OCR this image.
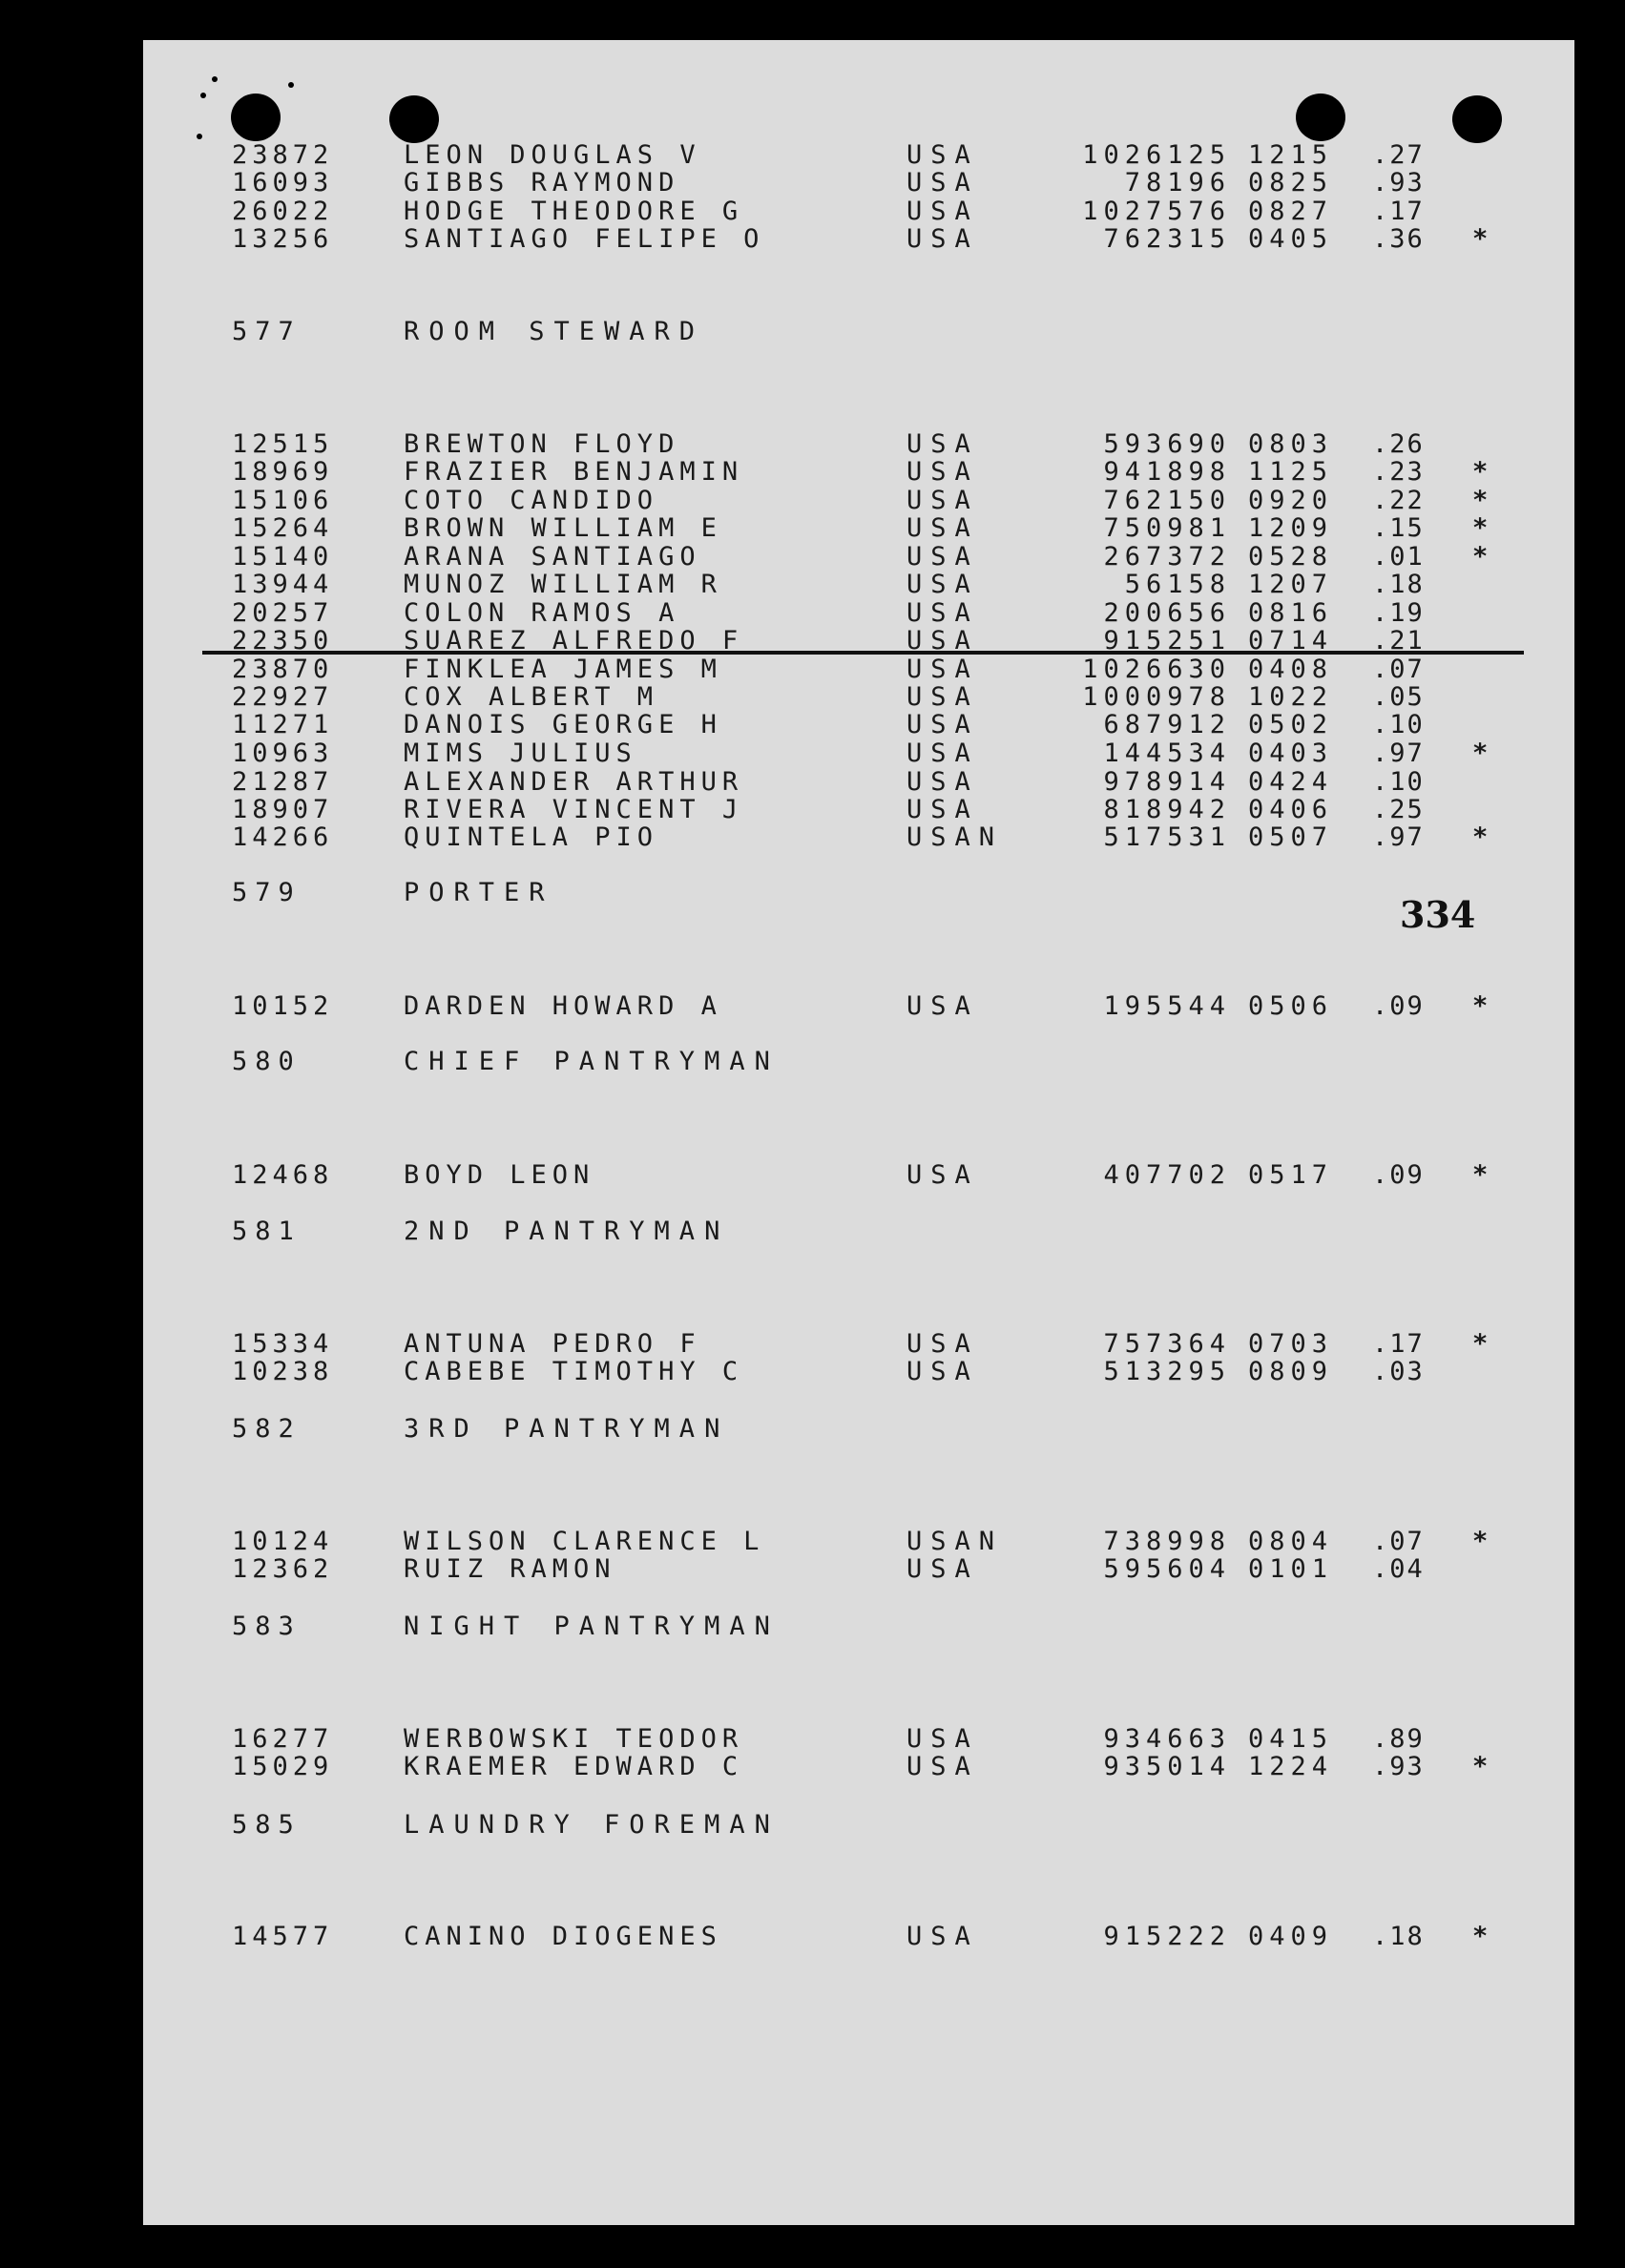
334
23872	LEON DOUGLAS V	USA	1026125 1215	.27
16093	GIBBS RAYMOND	USA	78196 0825	.93
26022	HODGE THEODORE G	USA	1027576 0827	.17
13256	SANTIAGO FELIPE O	USA	762315 0405	.36	*
577	ROOM STEWARD
12515	BREWTON FLOYD	USA	593690 0803	.26
18969	FRAZIER BENJAMIN	USA	941898 1125	.23	*
15106	COTO CANDIDO	USA	762150 0920	.22	*
15264	BROWN WILLIAM E	USA	750981 1209	.15	*
15140	ARANA SANTIAGO	USA	267372 0528	.01	*
13944	MUNOZ WILLIAM R	USA	56158 1207	.18
20257	COLON RAMOS A	USA	200656 0816	.19
22350	SUAREZ ALFREDO F	USA	915251 0714	.21
23870	FINKLEA JAMES M	USA	1026630 0408	.07
22927	COX ALBERT M	USA	1000978 1022	.05
11271	DANOIS GEORGE H	USA	687912 0502	.10
10963	MIMS JULIUS	USA	144534 0403	.97	*
21287	ALEXANDER ARTHUR	USA	978914 0424	.10
18907	RIVERA VINCENT J	USA	818942 0406	.25
14266	QUINTELA PIO	USAN	517531 0507	.97	*
579	PORTER
10152	DARDEN HOWARD A	USA	195544 0506	.09	*
580	CHIEF PANTRYMAN
12468	BOYD LEON	USA	407702 0517	.09	*
581	2ND PANTRYMAN
15334	ANTUNA PEDRO F	USA	757364 0703	.17	*
10238	CABEBE TIMOTHY C	USA	513295 0809	.03
582	3RD PANTRYMAN
10124	WILSON CLARENCE L	USAN	738998 0804	.07	*
12362	RUIZ RAMON	USA	595604 0101	.04
583	NIGHT PANTRYMAN
16277	WERBOWSKI TEODOR	USA	934663 0415	.89
15029	KRAEMER EDWARD C	USA	935014 1224	.93	*
585	LAUNDRY FOREMAN
14577	CANINO DIOGENES	USA	915222 0409	.18	*
